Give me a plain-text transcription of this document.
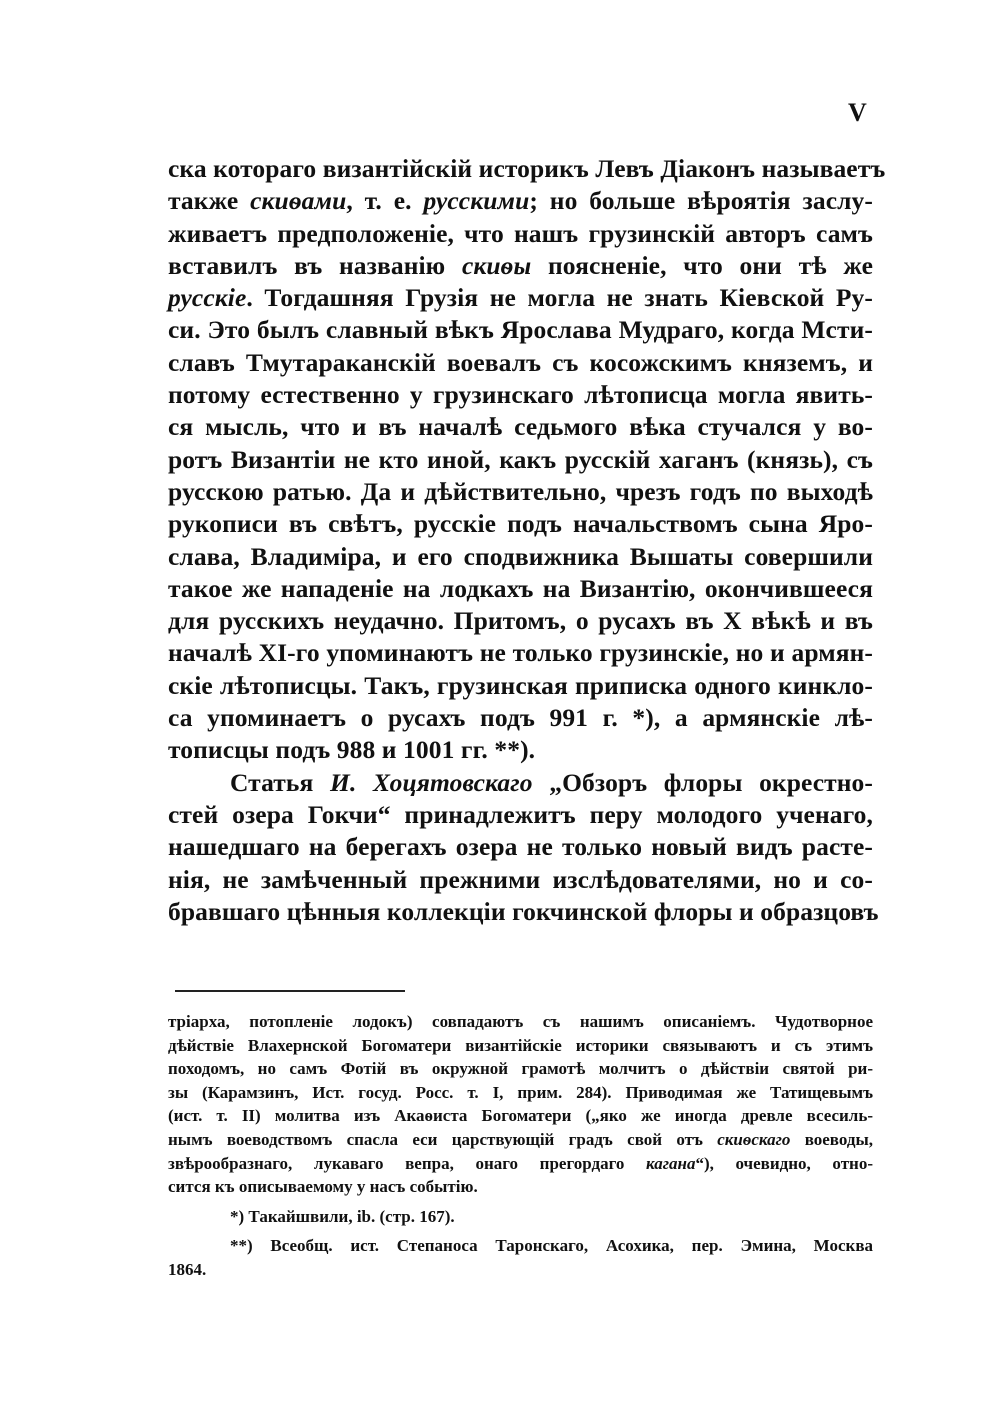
V
ска котораго византійскій историкъ Левъ Діаконъ называетъ
также скиѳами, т. е. русскими; но больше вѣроятія заслу-
живаетъ предположеніе, что нашъ грузинскій авторъ самъ
вставилъ въ названію скиѳы поясненіе, что они тѣ же
русскіе. Тогдашняя Грузія не могла не знать Кіевской Ру-
си. Это былъ славный вѣкъ Ярослава Мудраго, когда Мсти-
славъ Тмутараканскій воевалъ съ косожскимъ княземъ, и
потому естественно у грузинскаго лѣтописца могла явить-
ся мысль, что и въ началѣ седьмого вѣка стучался у во-
ротъ Византіи не кто иной, какъ русскій хаганъ (князь), съ
русскою ратью. Да и дѣйствительно, чрезъ годъ по выходѣ
рукописи въ свѣтъ, русскіе подъ начальствомъ сына Яро-
слава, Владиміра, и его сподвижника Вышаты совершили
такое же нападеніе на лодкахъ на Византію, окончившееся
для русскихъ неудачно. Притомъ, о русахъ въ X вѣкѣ и въ
началѣ XI-го упоминаютъ не только грузинскіе, но и армян-
скіе лѣтописцы. Такъ, грузинская приписка одного кинкло-
са упоминаетъ о русахъ подъ 991 г. *), а армянскіе лѣ-
тописцы подъ 988 и 1001 гг. **).
Статья И. Хоцятовскаго „Обзоръ флоры окрестно-
стей озера Гокчи“ принадлежитъ перу молодого ученаго,
нашедшаго на берегахъ озера не только новый видъ расте-
нія, не замѣченный прежними изслѣдователями, но и со-
бравшаго цѣнныя коллекціи гокчинской флоры и образцовъ
тріарха, потопленіе лодокъ) совпадаютъ съ нашимъ описаніемъ. Чудотворное
дѣйствіе Влахернской Богоматери византійскіе историки связываютъ и съ этимъ
походомъ, но самъ Фотій въ окружной грамотѣ молчитъ о дѣйствіи святой ри-
зы (Карамзинъ, Ист. госуд. Росс. т. I, прим. 284). Приводимая же Татищевымъ
(ист. т. II) молитва изъ Акаѳиста Богоматери („яко же иногда древле всесиль-
нымъ воеводствомъ спасла еси царствующій градъ свой отъ скиѳскаго воеводы,
звѣрообразнаго, лукаваго вепра, онаго прегордаго кагана“), очевидно, отно-
сится къ описываемому у насъ событію.
*) Такайшвили, ib. (стр. 167).
**) Всеобщ. ист. Степаноса Таронскаго, Асохика, пер. Эмина, Москва
1864.
